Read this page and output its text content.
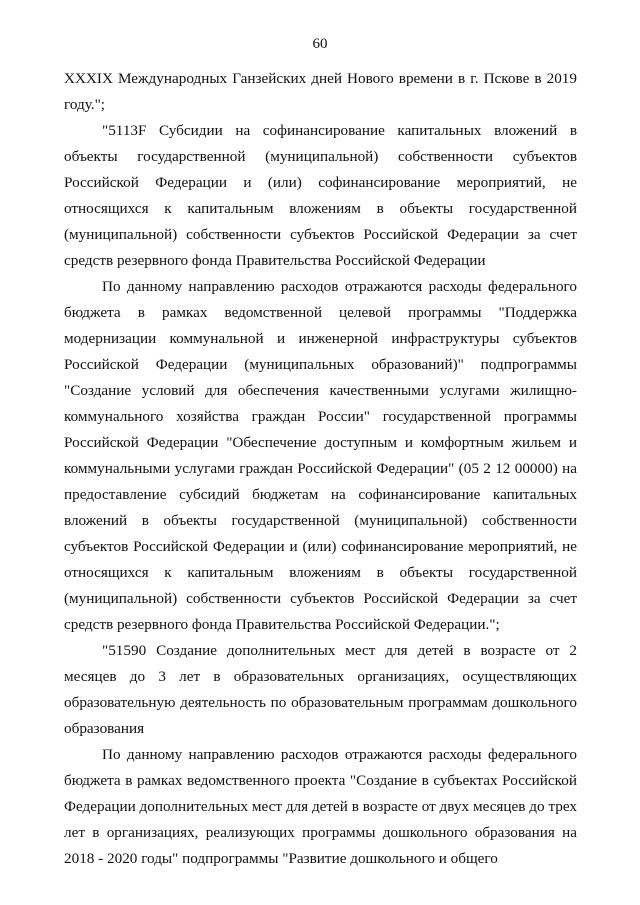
60

XXXIX Международных Ганзейских дней Нового времени в г. Пскове в 2019 году.";

"5113F Субсидии на софинансирование капитальных вложений в объекты государственной (муниципальной) собственности субъектов Российской Федерации и (или) софинансирование мероприятий, не относящихся к капитальным вложениям в объекты государственной (муниципальной) собственности субъектов Российской Федерации за счет средств резервного фонда Правительства Российской Федерации

По данному направлению расходов отражаются расходы федерального бюджета в рамках ведомственной целевой программы "Поддержка модернизации коммунальной и инженерной инфраструктуры субъектов Российской Федерации (муниципальных образований)" подпрограммы "Создание условий для обеспечения качественными услугами жилищно-коммунального хозяйства граждан России" государственной программы Российской Федерации "Обеспечение доступным и комфортным жильем и коммунальными услугами граждан Российской Федерации" (05 2 12 00000) на предоставление субсидий бюджетам на софинансирование капитальных вложений в объекты государственной (муниципальной) собственности субъектов Российской Федерации и (или) софинансирование мероприятий, не относящихся к капитальным вложениям в объекты государственной (муниципальной) собственности субъектов Российской Федерации за счет средств резервного фонда Правительства Российской Федерации.";

"51590 Создание дополнительных мест для детей в возрасте от 2 месяцев до 3 лет в образовательных организациях, осуществляющих образовательную деятельность по образовательным программам дошкольного образования

По данному направлению расходов отражаются расходы федерального бюджета в рамках ведомственного проекта "Создание в субъектах Российской Федерации дополнительных мест для детей в возрасте от двух месяцев до трех лет в организациях, реализующих программы дошкольного образования на 2018 - 2020 годы" подпрограммы "Развитие дошкольного и общего
